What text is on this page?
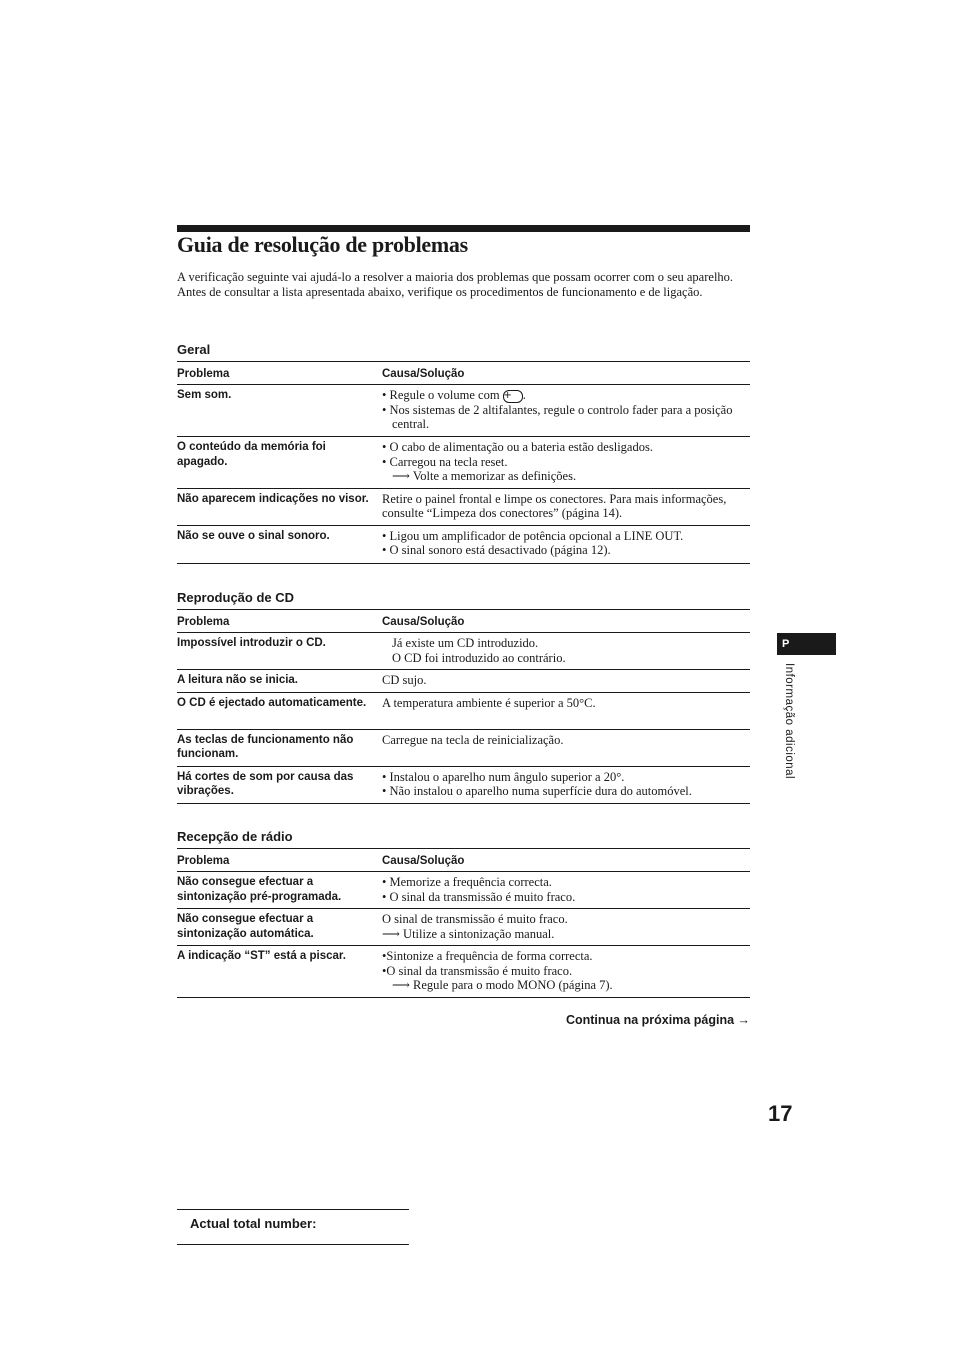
Guia de resolução de problemas

A verificação seguinte vai ajudá-lo a resolver a maioria dos problemas que possam ocorrer com o seu aparelho.

Antes de consultar a lista apresentada abaixo, verifique os procedimentos de funcionamento e de ligação.

Geral
Problema	Causa/Solução
Sem som.	• Regule o volume com + .
• Nos sistemas de 2 altifalantes, regule o controlo fader para a posição central.

O conteúdo da memória foi apagado.	• O cabo de alimentação ou a bateria estão desligados.
• Carregou na tecla reset.
⟶ Volte a memorizar as definições.

Não aparecem indicações no visor.	Retire o painel frontal e limpe os conectores. Para mais informações, consulte “Limpeza dos conectores” (página 14).
Não se ouve o sinal sonoro.	• Ligou um amplificador de potência opcional a LINE OUT.
• O sinal sonoro está desactivado (página 12).
Reprodução de CD
Problema	Causa/Solução
Impossível introduzir o CD.	Já existe um CD introduzido.
O CD foi introduzido ao contrário.

A leitura não se inicia.	CD sujo.
O CD é ejectado automaticamente.	A temperatura ambiente é superior a 50°C.
As teclas de funcionamento não funcionam.	Carregue na tecla de reinicialização.
Há cortes de som por causa das vibrações.	• Instalou o aparelho num ângulo superior a 20°.
• Não instalou o aparelho numa superfície dura do automóvel.
Recepção de rádio
Problema	Causa/Solução
Não consegue efectuar a sintonização pré-programada.	• Memorize a frequência correcta.
• O sinal da transmissão é muito fraco.

Não consegue efectuar a sintonização automática.	O sinal de transmissão é muito fraco.
⟶ Utilize a sintonização manual.

A indicação “ST” está a piscar.	•Sintonize a frequência de forma correcta.
•O sinal da transmissão é muito fraco.
⟶ Regule para o modo MONO (página 7).
Continua na próxima página →
P
Informação adicional
17
Actual total number:
